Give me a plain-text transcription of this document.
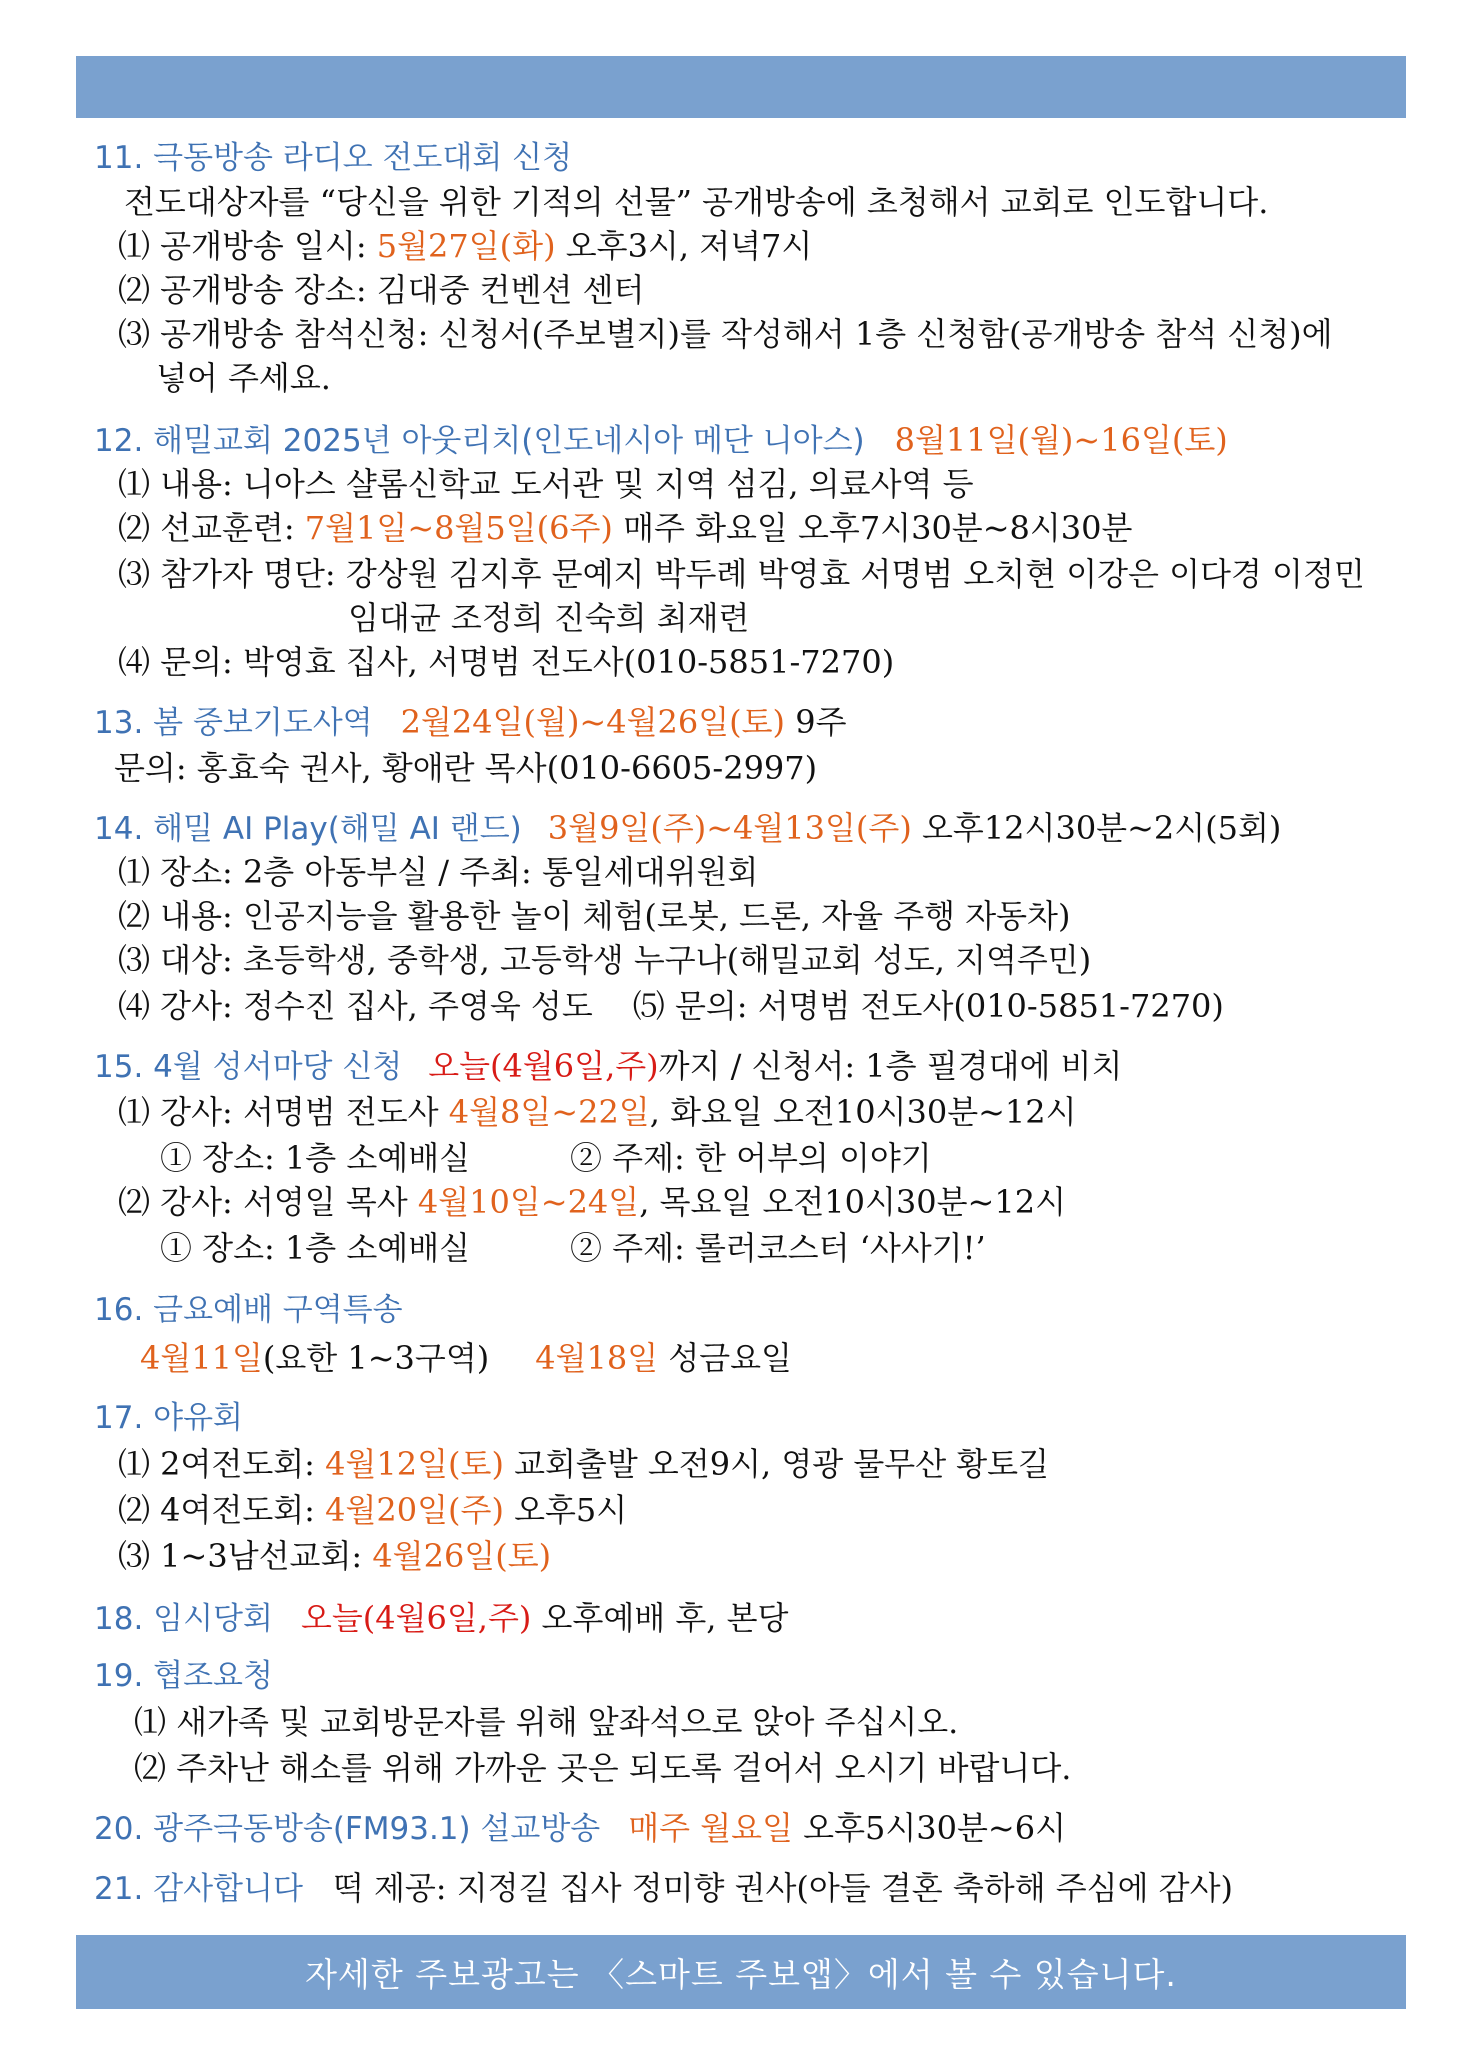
11. 극동방송 라디오 전도대회 신청
전도대상자를 “당신을 위한 기적의 선물” 공개방송에 초청해서 교회로 인도합니다.
⑴ 공개방송 일시: 5월27일(화) 오후3시, 저녁7시
⑵ 공개방송 장소: 김대중 컨벤션 센터
⑶ 공개방송 참석신청: 신청서(주보별지)를 작성해서 1층 신청함(공개방송 참석 신청)에
넣어 주세요.
12. 해밀교회 2025년 아웃리치(인도네시아 메단 니아스) 8월11일(월)~16일(토)
⑴ 내용: 니아스 샬롬신학교 도서관 및 지역 섬김, 의료사역 등
⑵ 선교훈련: 7월1일~8월5일(6주) 매주 화요일 오후7시30분~8시30분
⑶ 참가자 명단: 강상원 김지후 문예지 박두례 박영효 서명범 오치현 이강은 이다경 이정민
임대균 조정희 진숙희 최재련
⑷ 문의: 박영효 집사, 서명범 전도사(010-5851-7270)
13. 봄 중보기도사역 2월24일(월)~4월26일(토) 9주
문의: 홍효숙 권사, 황애란 목사(010-6605-2997)
14. 해밀 AI Play(해밀 AI 랜드) 3월9일(주)~4월13일(주) 오후12시30분~2시(5회)
⑴ 장소: 2층 아동부실 / 주최: 통일세대위원회
⑵ 내용: 인공지능을 활용한 놀이 체험(로봇, 드론, 자율 주행 자동차)
⑶ 대상: 초등학생, 중학생, 고등학생 누구나(해밀교회 성도, 지역주민)
⑷ 강사: 정수진 집사, 주영욱 성도 ⑸ 문의: 서명범 전도사(010-5851-7270)
15. 4월 성서마당 신청 오늘(4월6일,주)까지 / 신청서: 1층 필경대에 비치
⑴ 강사: 서명범 전도사 4월8일~22일, 화요일 오전10시30분~12시
① 장소: 1층 소예배실	② 주제: 한 어부의 이야기
⑵ 강사: 서영일 목사 4월10일~24일, 목요일 오전10시30분~12시
① 장소: 1층 소예배실	② 주제: 롤러코스터 ‘사사기!’
16. 금요예배 구역특송
4월11일(요한 1~3구역) 4월18일 성금요일
17. 야유회
⑴ 2여전도회: 4월12일(토) 교회출발 오전9시, 영광 물무산 황토길
⑵ 4여전도회: 4월20일(주) 오후5시
⑶ 1~3남선교회: 4월26일(토)
18. 임시당회 오늘(4월6일,주) 오후예배 후, 본당
19. 협조요청
⑴ 새가족 및 교회방문자를 위해 앞좌석으로 앉아 주십시오.
⑵ 주차난 해소를 위해 가까운 곳은 되도록 걸어서 오시기 바랍니다.
20. 광주극동방송(FM93.1) 설교방송 매주 월요일 오후5시30분~6시
21. 감사합니다 떡 제공: 지정길 집사 정미향 권사(아들 결혼 축하해 주심에 감사)
자세한 주보광고는 〈스마트 주보앱〉에서 볼 수 있습니다.
